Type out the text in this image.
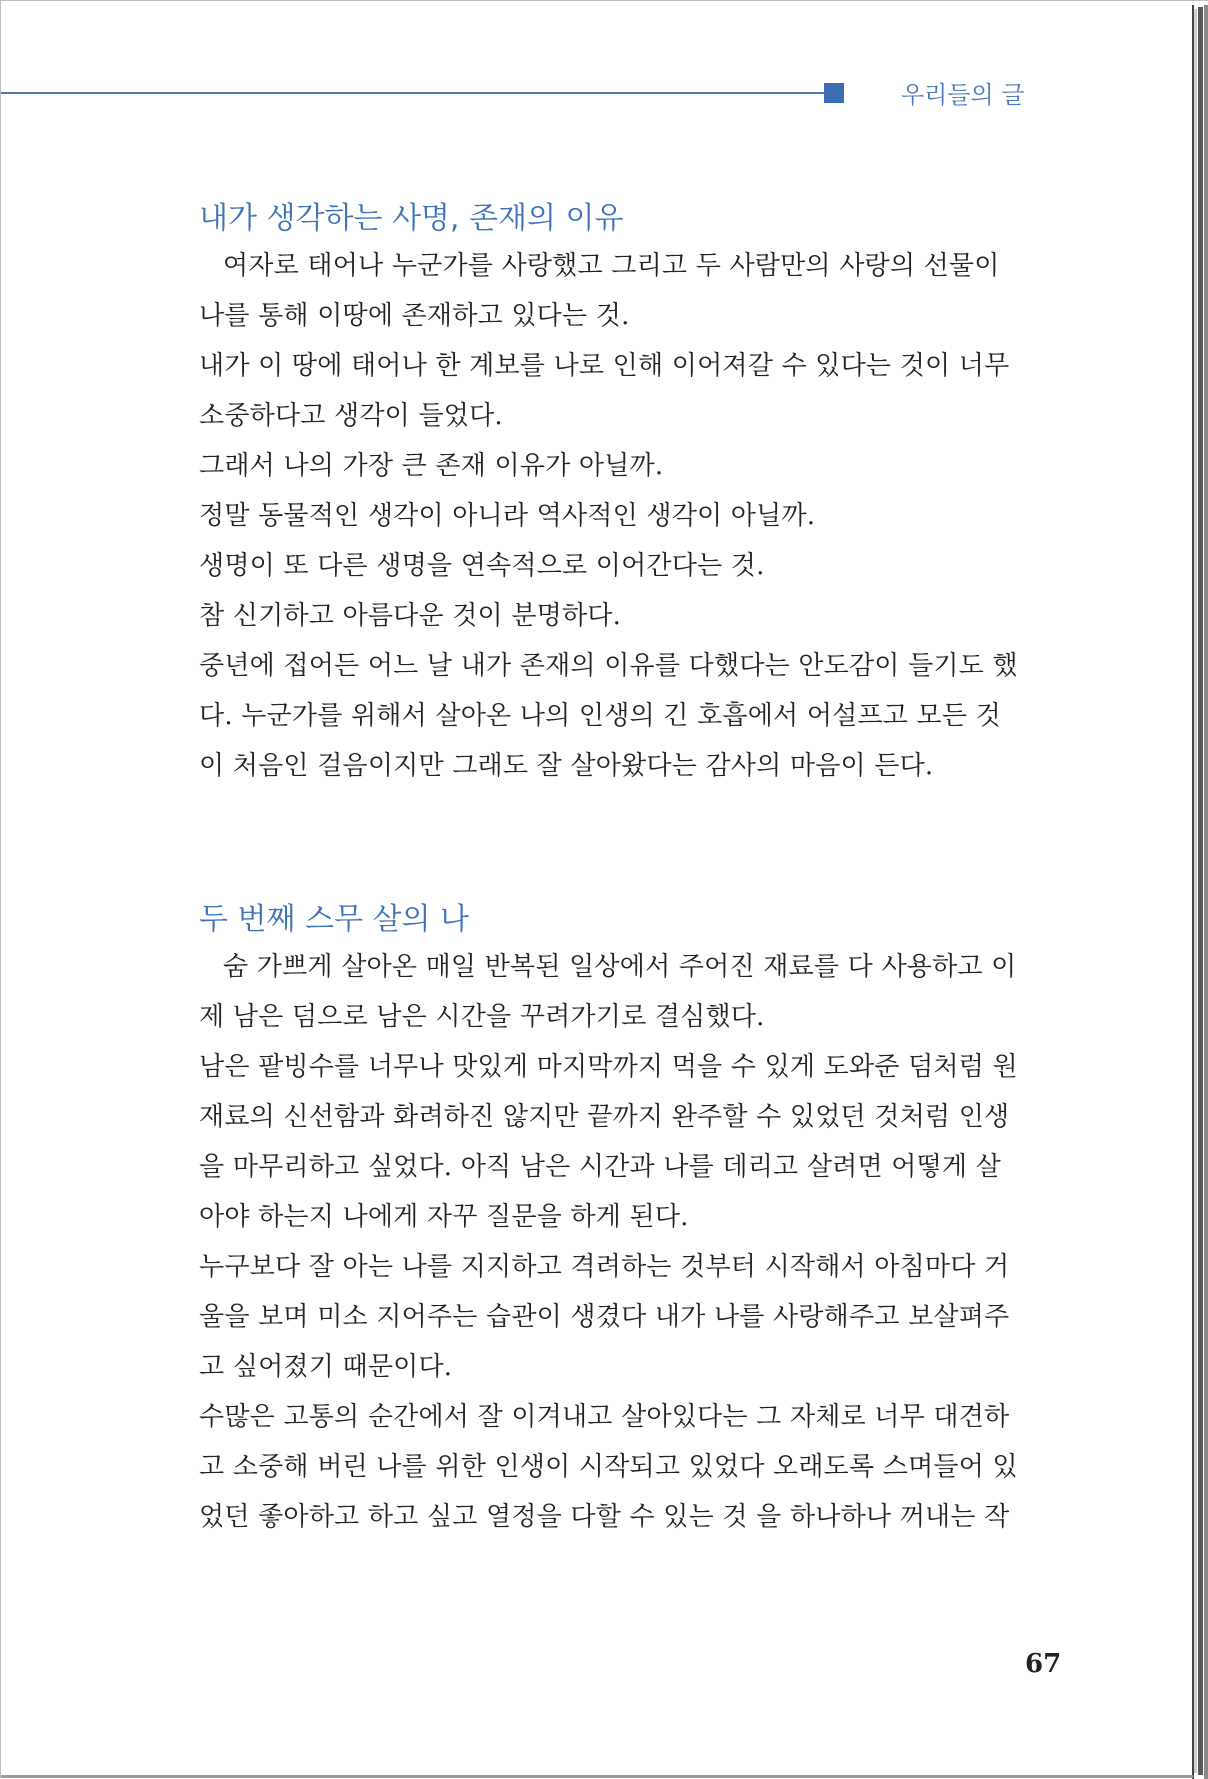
우리들의 글
내가 생각하는 사명, 존재의 이유
여자로 태어나 누군가를 사랑했고 그리고 두 사람만의 사랑의 선물이
나를 통해 이땅에 존재하고 있다는 것.
내가 이 땅에 태어나 한 계보를 나로 인해 이어져갈 수 있다는 것이 너무
소중하다고 생각이 들었다.
그래서 나의 가장 큰 존재 이유가 아닐까.
정말 동물적인 생각이 아니라 역사적인 생각이 아닐까.
생명이 또 다른 생명을 연속적으로 이어간다는 것.
참 신기하고 아름다운 것이 분명하다.
중년에 접어든 어느 날 내가 존재의 이유를 다했다는 안도감이 들기도 했
다. 누군가를 위해서 살아온 나의 인생의 긴 호흡에서 어설프고 모든 것
이 처음인 걸음이지만 그래도 잘 살아왔다는 감사의 마음이 든다.
두 번째 스무 살의 나
숨 가쁘게 살아온 매일 반복된 일상에서 주어진 재료를 다 사용하고 이
제 남은 덤으로 남은 시간을 꾸려가기로 결심했다.
남은 팥빙수를 너무나 맛있게 마지막까지 먹을 수 있게 도와준 덤처럼 원
재료의 신선함과 화려하진 않지만 끝까지 완주할 수 있었던 것처럼 인생
을 마무리하고 싶었다. 아직 남은 시간과 나를 데리고 살려면 어떻게 살
아야 하는지 나에게 자꾸 질문을 하게 된다.
누구보다 잘 아는 나를 지지하고 격려하는 것부터 시작해서 아침마다 거
울을 보며 미소 지어주는 습관이 생겼다 내가 나를 사랑해주고 보살펴주
고 싶어졌기 때문이다.
수많은 고통의 순간에서 잘 이겨내고 살아있다는 그 자체로 너무 대견하
고 소중해 버린 나를 위한 인생이 시작되고 있었다 오래도록 스며들어 있
었던 좋아하고 하고 싶고 열정을 다할 수 있는 것 을 하나하나 꺼내는 작
67
